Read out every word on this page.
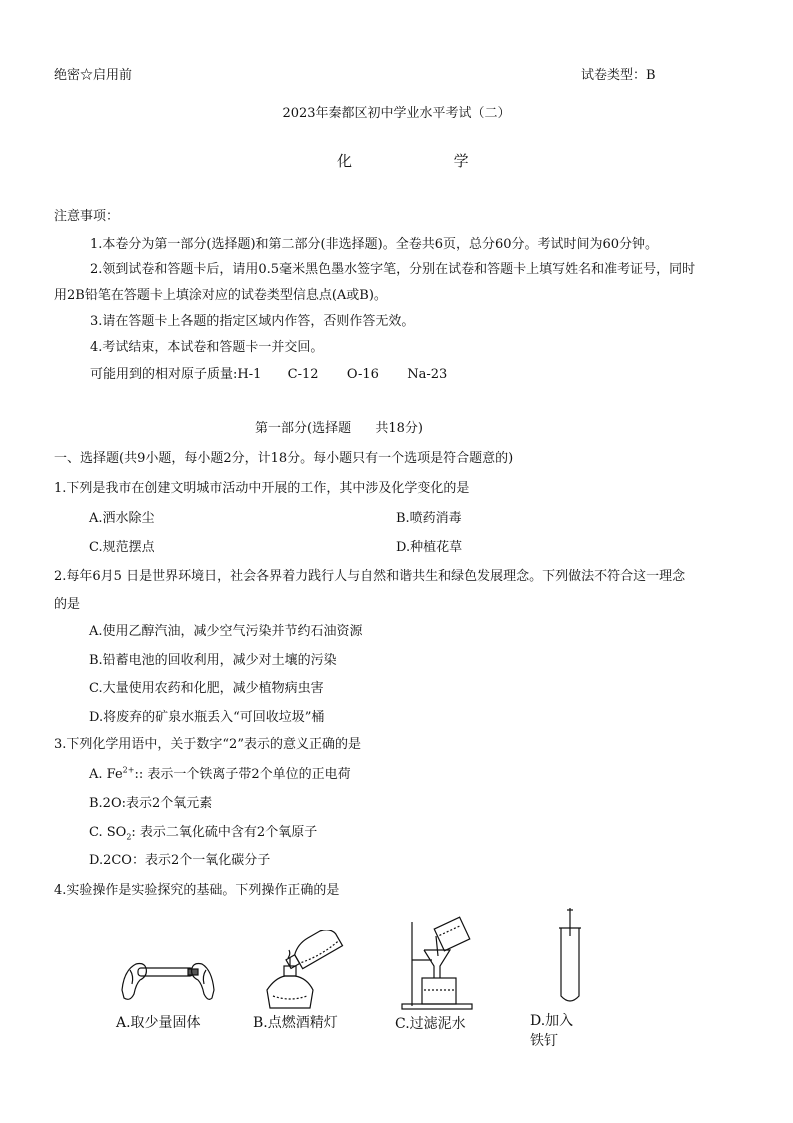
绝密☆启用前	试卷类型：B
2023年秦都区初中学业水平考试（二）
化	学
注意事项：
1.本卷分为第一部分(选择题)和第二部分(非选择题)。全卷共6页，总分60分。考试时间为60分钟。
2.领到试卷和答题卡后，请用0.5毫米黑色墨水签字笔，分别在试卷和答题卡上填写姓名和准考证号，同时
用2B铅笔在答题卡上填涂对应的试卷类型信息点(A或B)。
3.请在答题卡上各题的指定区域内作答，否则作答无效。
4.考试结束，本试卷和答题卡一并交回。
可能用到的相对原子质量:H-1 C-12 O-16 Na-23
第一部分(选择题 共18分)
一、选择题(共9小题，每小题2分，计18分。每小题只有一个选项是符合题意的)
1.下列是我市在创建文明城市活动中开展的工作，其中涉及化学变化的是
A.洒水除尘	B.喷药消毒
C.规范摆点	D.种植花草
2.每年6月5 日是世界环境日，社会各界着力践行人与自然和谐共生和绿色发展理念。下列做法不符合这一理念
的是
A.使用乙醇汽油，减少空气污染并节约石油资源
B.铅蓄电池的回收利用，减少对土壤的污染
C.大量使用农药和化肥，减少植物病虫害
D.将废弃的矿泉水瓶丢入“可回收垃圾”桶
3.下列化学用语中，关于数字“2”表示的意义正确的是
A. $Fe^{2+}$:: 表示一个铁离子带2个单位的正电荷
B.2O:表示2个氧元素
C. $SO_2$: 表示二氧化硫中含有2个氧原子
D.2CO：表示2个一氧化碳分子
4.实验操作是实验探究的基础。下列操作正确的是
A.取少量固体	B.点燃酒精灯	C.过滤泥水	D.加入铁钉
